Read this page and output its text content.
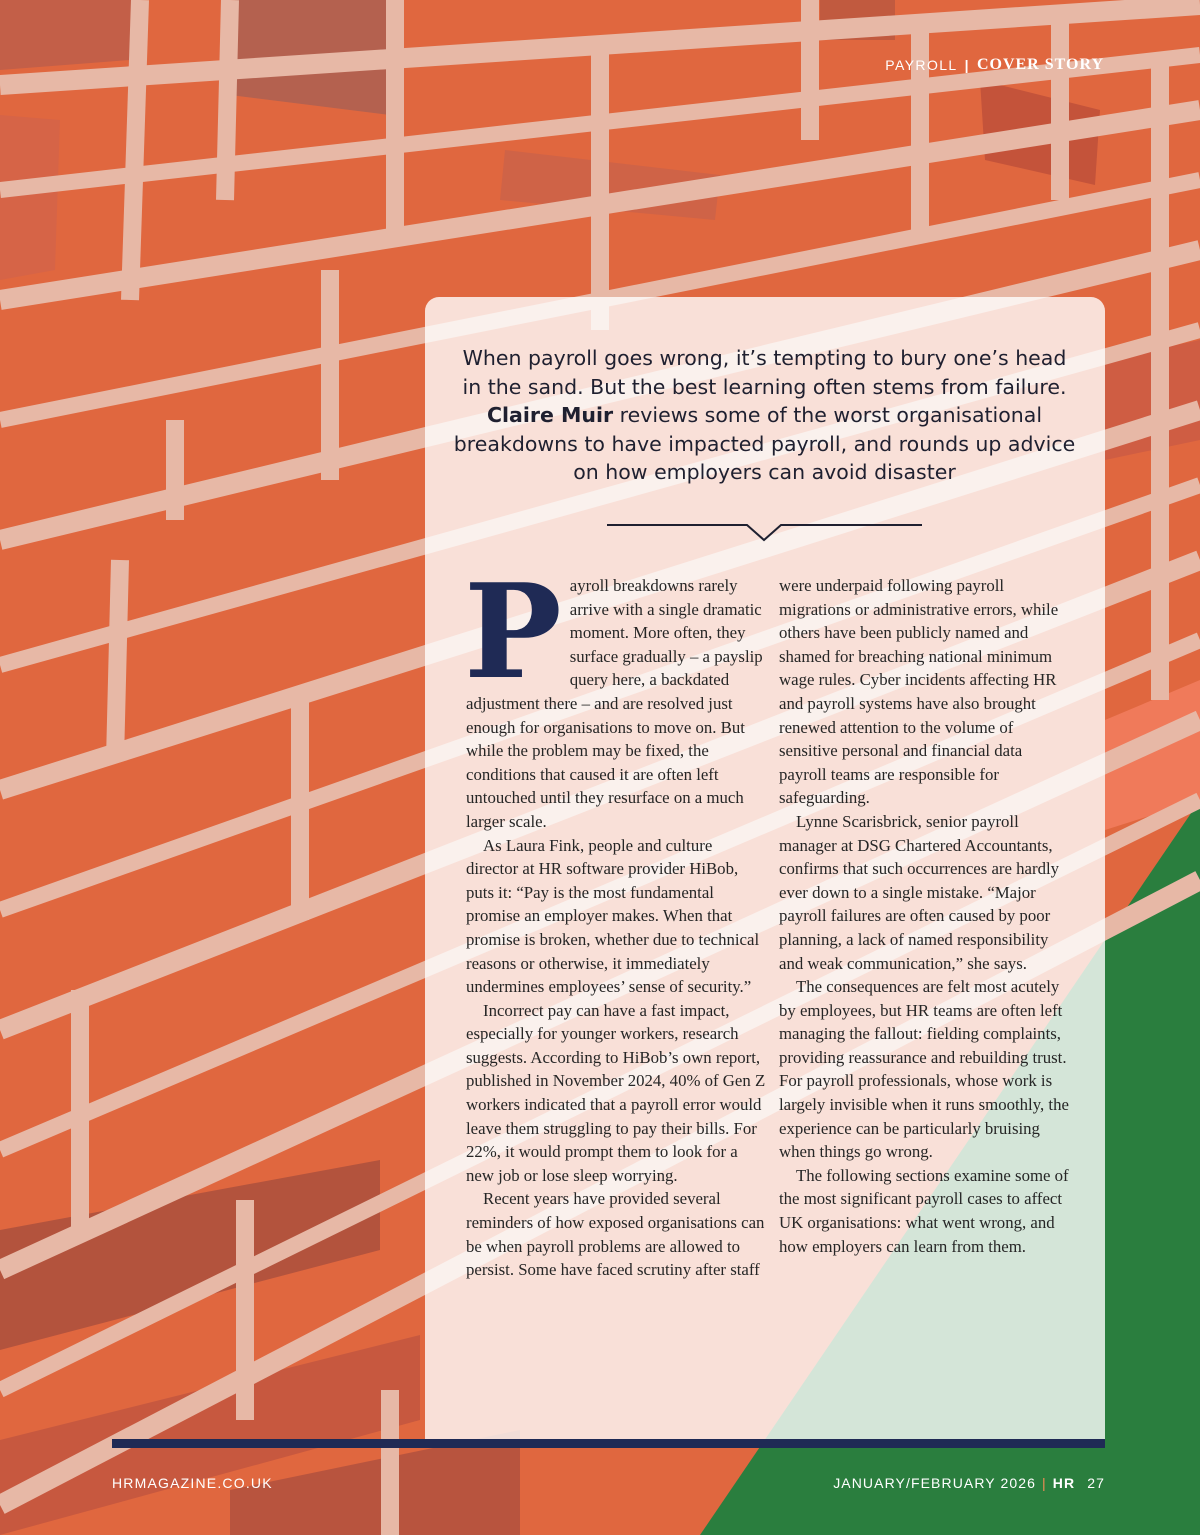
PAYROLL | COVER STORY
When payroll goes wrong, it’s tempting to bury one’s head in the sand. But the best learning often stems from failure. Claire Muir reviews some of the worst organisational breakdowns to have impacted payroll, and rounds up advice on how employers can avoid disaster

Payroll breakdowns rarely arrive with a single dramatic moment. More often, they surface gradually – a payslip query here, a backdated adjustment there – and are resolved just enough for organisations to move on. But while the problem may be fixed, the conditions that caused it are often left untouched until they resurface on a much larger scale.

As Laura Fink, people and culture director at HR software provider HiBob, puts it: “Pay is the most fundamental promise an employer makes. When that promise is broken, whether due to technical reasons or otherwise, it immediately undermines employees’ sense of security.”

Incorrect pay can have a fast impact, especially for younger workers, research suggests. According to HiBob’s own report, published in November 2024, 40% of Gen Z workers indicated that a payroll error would leave them struggling to pay their bills. For 22%, it would prompt them to look for a new job or lose sleep worrying.

Recent years have provided several reminders of how exposed organisations can be when payroll problems are allowed to persist. Some have faced scrutiny after staff

were underpaid following payroll migrations or administrative errors, while others have been publicly named and shamed for breaching national minimum wage rules. Cyber incidents affecting HR and payroll systems have also brought renewed attention to the volume of sensitive personal and financial data payroll teams are responsible for safeguarding.

Lynne Scarisbrick, senior payroll manager at DSG Chartered Accountants, confirms that such occurrences are hardly ever down to a single mistake. “Major payroll failures are often caused by poor planning, a lack of named responsibility and weak communication,” she says.

The consequences are felt most acutely by employees, but HR teams are often left managing the fallout: fielding complaints, providing reassurance and rebuilding trust. For payroll professionals, whose work is largely invisible when it runs smoothly, the experience can be particularly bruising when things go wrong.

The following sections examine some of the most significant payroll cases to affect UK organisations: what went wrong, and how employers can learn from them.

HRMAGAZINE.CO.UK	JANUARY/FEBRUARY 2026 | HR 27
